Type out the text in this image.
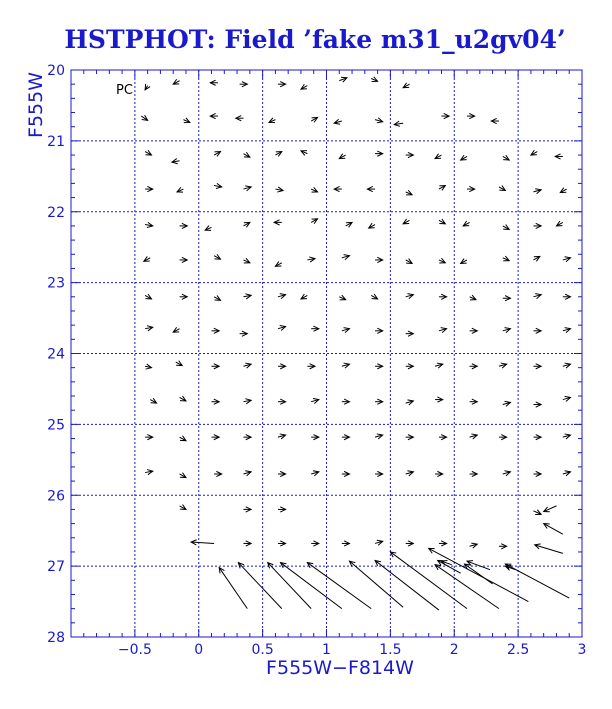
HSTPHOT: Field ’fake m31_u2gv04’
−0.5	0	0.5	1	1.5	2	2.5	3
20
21
22
23
24
25
26
27
28
PC
F555W−F814W
F555W
